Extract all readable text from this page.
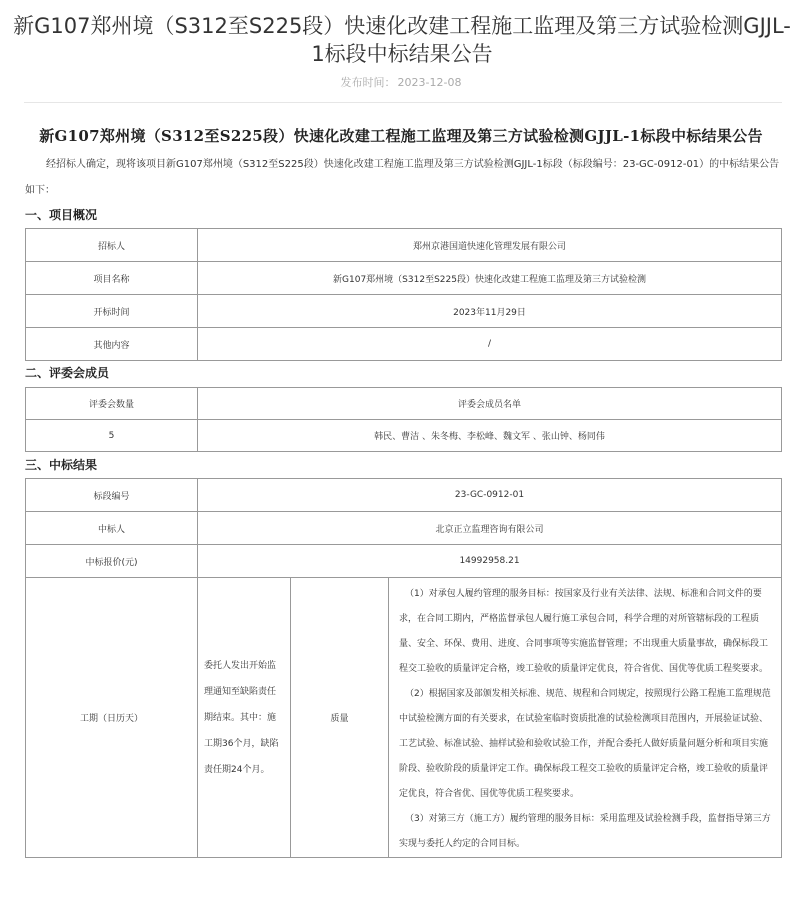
新G107郑州境（S312至S225段）快速化改建工程施工监理及第三方试验检测GJJL-1标段中标结果公告
发布时间： 2023-12-08
新G107郑州境（S312至S225段）快速化改建工程施工监理及第三方试验检测GJJL-1标段中标结果公告
经招标人确定，现将该项目新G107郑州境（S312至S225段）快速化改建工程施工监理及第三方试验检测GJJL-1标段（标段编号：23-GC-0912-01）的中标结果公告如下：
一、项目概况
招标人	郑州京港国道快速化管理发展有限公司
项目名称	新G107郑州境（S312至S225段）快速化改建工程施工监理及第三方试验检测
开标时间	2023年11月29日
其他内容	/
二、评委会成员
评委会数量	评委会成员名单
5	韩民、曹洁 、朱冬梅、李松峰、魏文军 、张山钟、杨同伟
三、中标结果
标段编号	23-GC-0912-01		
中标人	北京正立监理咨询有限公司		
中标报价(元)	14992958.21		
工期（日历天）	委托人发出开始监理通知至缺陷责任期结束。其中：施工期36个月，缺陷责任期24个月。	质量	（1）对承包人履约管理的服务目标：按国家及行业有关法律、法规、标准和合同文件的要求，在合同工期内，严格监督承包人履行施工承包合同，科学合理的对所管辖标段的工程质量、安全、环保、费用、进度、合同事项等实施监督管理；不出现重大质量事故，确保标段工程交工验收的质量评定合格，竣工验收的质量评定优良，符合省优、国优等优质工程奖要求。

（2）根据国家及部颁发相关标准、规范、规程和合同规定，按照现行公路工程施工监理规范中试验检测方面的有关要求，在试验室临时资质批准的试验检测项目范围内，开展验证试验、工艺试验、标准试验、抽样试验和验收试验工作，并配合委托人做好质量问题分析和项目实施阶段、验收阶段的质量评定工作。确保标段工程交工验收的质量评定合格，竣工验收的质量评定优良，符合省优、国优等优质工程奖要求。

（3）对第三方（施工方）履约管理的服务目标：采用监理及试验检测手段，监督指导第三方实现与委托人约定的合同目标。
